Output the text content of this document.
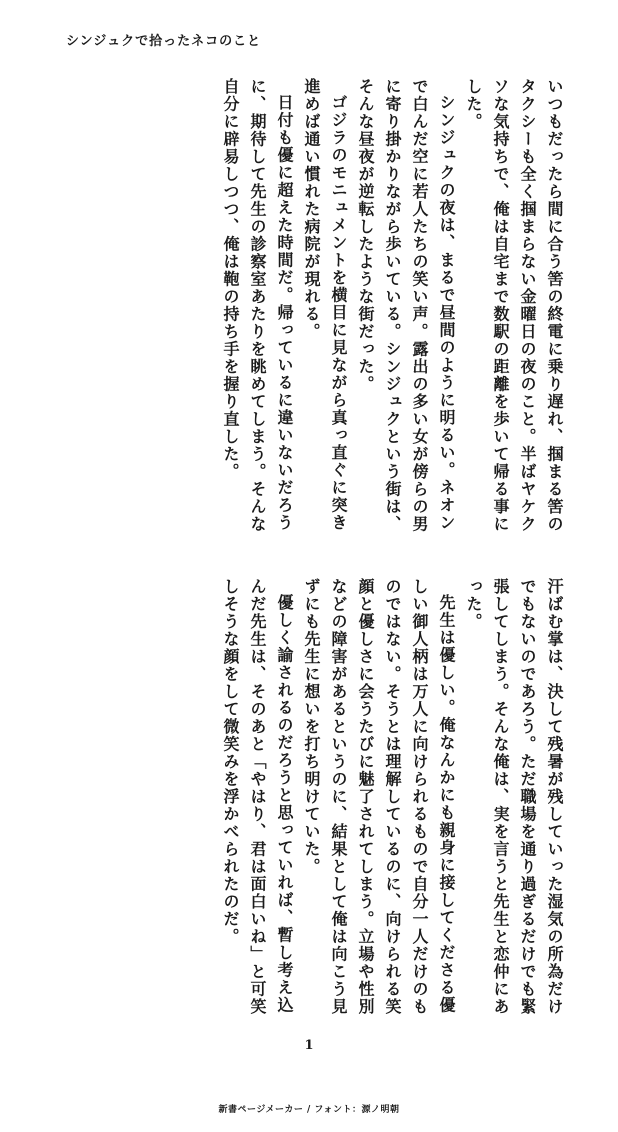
シンジュクで拾ったネコのこと

いつもだったら間に合う筈の終電に乗り遅れ、掴まる筈のタクシーも全く掴まらない金曜日の夜のこと。半ばヤケクソな気持ちで、俺は自宅まで数駅の距離を歩いて帰る事にした。

シンジュクの夜は、まるで昼間のように明るい。ネオンで白んだ空に若人たちの笑い声。露出の多い女が傍らの男に寄り掛かりながら歩いている。シンジュクという街は、そんな昼夜が逆転したような街だった。

ゴジラのモニュメントを横目に見ながら真っ直ぐに突き進めば通い慣れた病院が現れる。

日付も優に超えた時間だ。帰っているに違いないだろうに、期待して先生の診察室あたりを眺めてしまう。そんな自分に辟易しつつ、俺は鞄の持ち手を握り直した。

汗ばむ掌は、決して残暑が残していった湿気の所為だけでもないのであろう。ただ職場を通り過ぎるだけでも緊張してしまう。そんな俺は、実を言うと先生と恋仲にあった。

先生は優しい。俺なんかにも親身に接してくださる優しい御人柄は万人に向けられるもので自分一人だけのものではない。そうとは理解しているのに、向けられる笑顔と優しさに会うたびに魅了されてしまう。立場や性別などの障害があるというのに、結果として俺は向こう見ずにも先生に想いを打ち明けていた。

優しく諭されるのだろうと思っていれば、暫し考え込んだ先生は、そのあと「やはり、君は面白いね」と可笑しそうな顔をして微笑みを浮かべられたのだ。

1
新書ページメーカー / フォント：源ノ明朝
